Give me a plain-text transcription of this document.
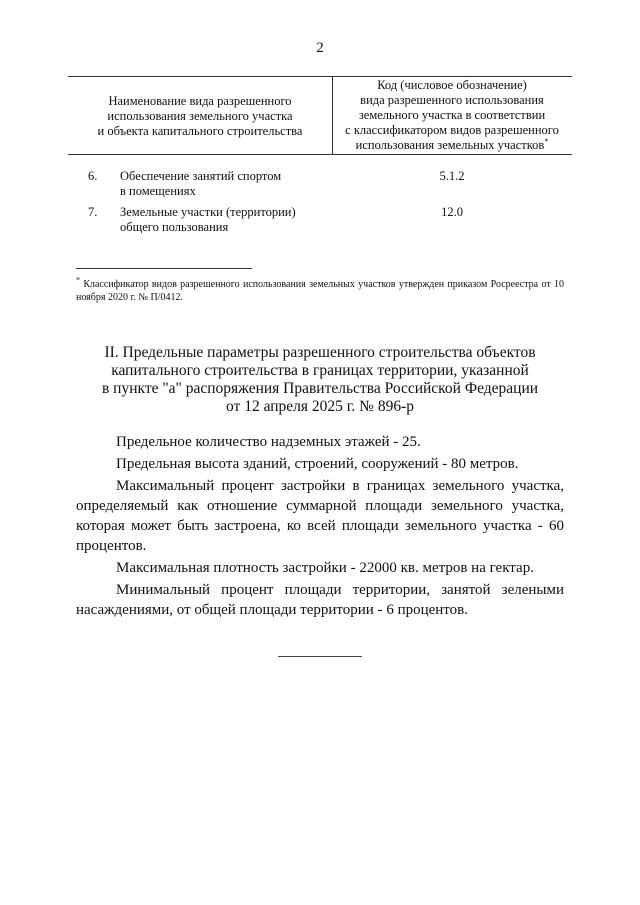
2
Наименование вида разрешенного
использования земельного участка
и объекта капитального строительства
Код (числовое обозначение)
вида разрешенного использования
земельного участка в соответствии
с классификатором видов разрешенного
использования земельных участков*
6. Обеспечение занятий спортом
в помещениях
5.1.2
7. Земельные участки (территории)
общего пользования
12.0
* Классификатор видов разрешенного использования земельных участков утвержден приказом Росреестра от 10 ноября 2020 г. № П/0412.
II. Предельные параметры разрешенного строительства объектов
капитального строительства в границах территории, указанной
в пункте "а" распоряжения Правительства Российской Федерации
от 12 апреля 2025 г. № 896-р

Предельное количество надземных этажей - 25.

Предельная высота зданий, строений, сооружений - 80 метров.

Максимальный процент застройки в границах земельного участка, определяемый как отношение суммарной площади земельного участка, которая может быть застроена, ко всей площади земельного участка - 60 процентов.

Максимальная плотность застройки - 22000 кв. метров на гектар.

Минимальный процент площади территории, занятой зелеными насаждениями, от общей площади территории - 6 процентов.
